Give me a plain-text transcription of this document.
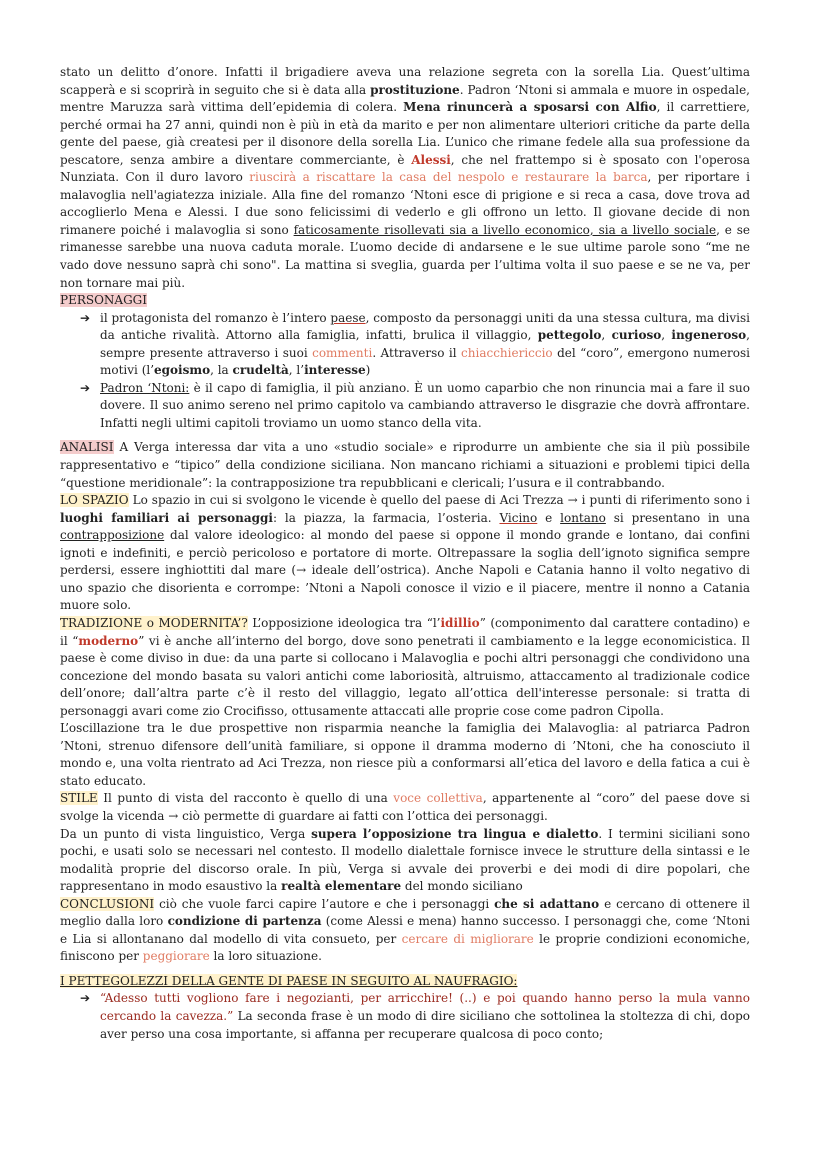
stato un delitto d’onore. Infatti il brigadiere aveva una relazione segreta con la sorella Lia. Quest’ultima scapperà e si scoprirà in seguito che si è data alla prostituzione. Padron ‘Ntoni si ammala e muore in ospedale, mentre Maruzza sarà vittima dell’epidemia di colera. Mena rinuncerà a sposarsi con Alfio, il carrettiere, perché ormai ha 27 anni, quindi non è più in età da marito e per non alimentare ulteriori critiche da parte della gente del paese, già createsi per il disonore della sorella Lia. L’unico che rimane fedele alla sua professione da pescatore, senza ambire a diventare commerciante, è Alessi, che nel frattempo si è sposato con l'operosa Nunziata. Con il duro lavoro riuscirà a riscattare la casa del nespolo e restaurare la barca, per riportare i malavoglia nell'agiatezza iniziale. Alla fine del romanzo ‘Ntoni esce di prigione e si reca a casa, dove trova ad accoglierlo Mena e Alessi. I due sono felicissimi di vederlo e gli offrono un letto. Il giovane decide di non rimanere poiché i malavoglia si sono faticosamente risollevati sia a livello economico, sia a livello sociale, e se rimanesse sarebbe una nuova caduta morale. L’uomo decide di andarsene e le sue ultime parole sono “me ne vado dove nessuno saprà chi sono". La mattina si sveglia, guarda per l’ultima volta il suo paese e se ne va, per non tornare mai più.

PERSONAGGI

➔ il protagonista del romanzo è l’intero paese, composto da personaggi uniti da una stessa cultura, ma divisi da antiche rivalità. Attorno alla famiglia, infatti, brulica il villaggio, pettegolo, curioso, ingeneroso, sempre presente attraverso i suoi commenti. Attraverso il chiacchiericcio del “coro”, emergono numerosi motivi (l’egoismo, la crudeltà, l’interesse)
➔ Padron ‘Ntoni: è il capo di famiglia, il più anziano. È un uomo caparbio che non rinuncia mai a fare il suo dovere. Il suo animo sereno nel primo capitolo va cambiando attraverso le disgrazie che dovrà affrontare. Infatti negli ultimi capitoli troviamo un uomo stanco della vita.

ANALISI A Verga interessa dar vita a uno «studio sociale» e riprodurre un ambiente che sia il più possibile rappresentativo e “tipico” della condizione siciliana. Non mancano richiami a situazioni e problemi tipici della “questione meridionale”: la contrapposizione tra repubblicani e clericali; l’usura e il contrabbando.

LO SPAZIO Lo spazio in cui si svolgono le vicende è quello del paese di Aci Trezza → i punti di riferimento sono i luoghi familiari ai personaggi: la piazza, la farmacia, l’osteria. Vicino e lontano si presentano in una contrapposizione dal valore ideologico: al mondo del paese si oppone il mondo grande e lontano, dai confini ignoti e indefiniti, e perciò pericoloso e portatore di morte. Oltrepassare la soglia dell’ignoto significa sempre perdersi, essere inghiottiti dal mare (→ ideale dell’ostrica). Anche Napoli e Catania hanno il volto negativo di uno spazio che disorienta e corrompe: ’Ntoni a Napoli conosce il vizio e il piacere, mentre il nonno a Catania muore solo.

TRADIZIONE o MODERNITA’? L’opposizione ideologica tra “l’idillio” (componimento dal carattere contadino) e il “moderno” vi è anche all’interno del borgo, dove sono penetrati il cambiamento e la legge economicistica. Il paese è come diviso in due: da una parte si collocano i Malavoglia e pochi altri personaggi che condividono una concezione del mondo basata su valori antichi come laboriosità, altruismo, attaccamento al tradizionale codice dell’onore; dall’altra parte c’è il resto del villaggio, legato all’ottica dell'interesse personale: si tratta di personaggi avari come zio Crocifisso, ottusamente attaccati alle proprie cose come padron Cipolla.

L’oscillazione tra le due prospettive non risparmia neanche la famiglia dei Malavoglia: al patriarca Padron ’Ntoni, strenuo difensore dell’unità familiare, si oppone il dramma moderno di ’Ntoni, che ha conosciuto il mondo e, una volta rientrato ad Aci Trezza, non riesce più a conformarsi all’etica del lavoro e della fatica a cui è stato educato.

STILE Il punto di vista del racconto è quello di una voce collettiva, appartenente al “coro” del paese dove si svolge la vicenda → ciò permette di guardare ai fatti con l’ottica dei personaggi.

Da un punto di vista linguistico, Verga supera l’opposizione tra lingua e dialetto. I termini siciliani sono pochi, e usati solo se necessari nel contesto. Il modello dialettale fornisce invece le strutture della sintassi e le modalità proprie del discorso orale. In più, Verga si avvale dei proverbi e dei modi di dire popolari, che rappresentano in modo esaustivo la realtà elementare del mondo siciliano

CONCLUSIONI ciò che vuole farci capire l’autore e che i personaggi che si adattano e cercano di ottenere il meglio dalla loro condizione di partenza (come Alessi e mena) hanno successo. I personaggi che, come ‘Ntoni e Lia si allontanano dal modello di vita consueto, per cercare di migliorare le proprie condizioni economiche, finiscono per peggiorare la loro situazione.

I PETTEGOLEZZI DELLA GENTE DI PAESE IN SEGUITO AL NAUFRAGIO:

➔ “Adesso tutti vogliono fare i negozianti, per arricchire! (..) e poi quando hanno perso la mula vanno cercando la cavezza.” La seconda frase è un modo di dire siciliano che sottolinea la stoltezza di chi, dopo aver perso una cosa importante, si affanna per recuperare qualcosa di poco conto;
